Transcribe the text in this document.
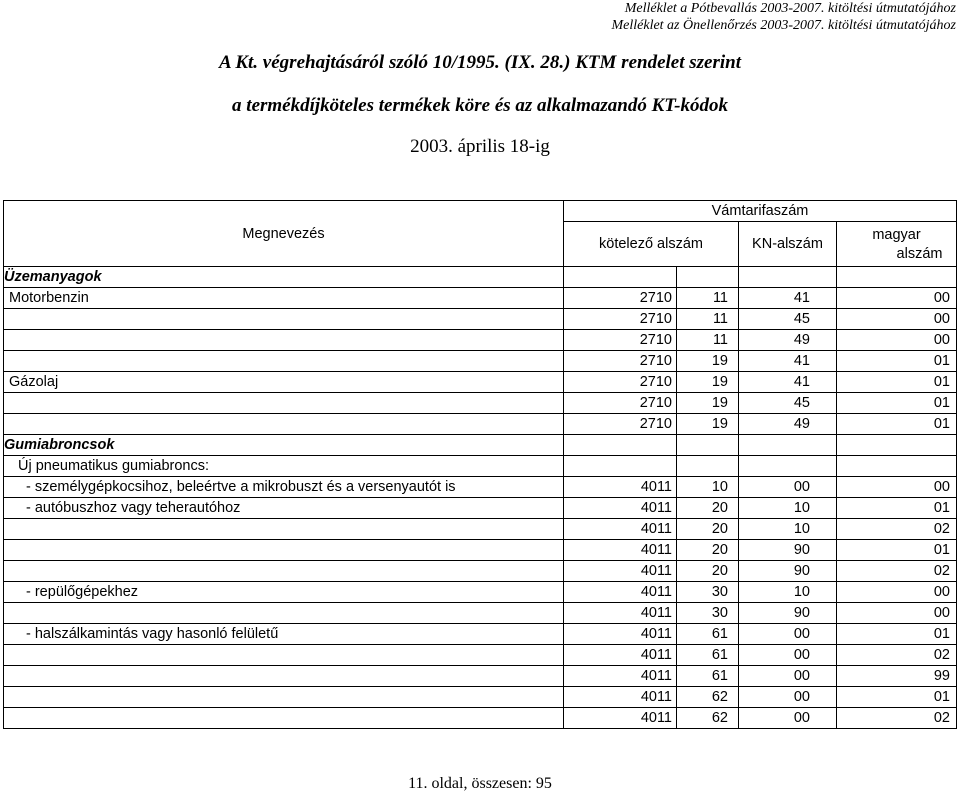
Melléklet a Pótbevallás 2003-2007. kitöltési útmutatójához
Melléklet az Önellenőrzés 2003-2007. kitöltési útmutatójához
A Kt. végrehajtásáról szóló 10/1995. (IX. 28.) KTM rendelet szerint
a termékdíjköteles termékek köre és az alkalmazandó KT-kódok
2003. április 18-ig
Megnevezés	Vámtarifaszám			
	kötelező alszám		KN-alszám	magyar
alszám
Üzemanyagok				
Motorbenzin	2710	11	41	00
	2710	11	45	00
	2710	11	49	00
	2710	19	41	01
Gázolaj	2710	19	41	01
	2710	19	45	01
	2710	19	49	01
Gumiabroncsok				
Új pneumatikus gumiabroncs:				
- személygépkocsihoz, beleértve a mikrobuszt és a versenyautót is	4011	10	00	00
- autóbuszhoz vagy teherautóhoz	4011	20	10	01
	4011	20	10	02
	4011	20	90	01
	4011	20	90	02
- repülőgépekhez	4011	30	10	00
	4011	30	90	00
- halszálkamintás vagy hasonló felületű	4011	61	00	01
	4011	61	00	02
	4011	61	00	99
	4011	62	00	01
	4011	62	00	02
11. oldal, összesen: 95
